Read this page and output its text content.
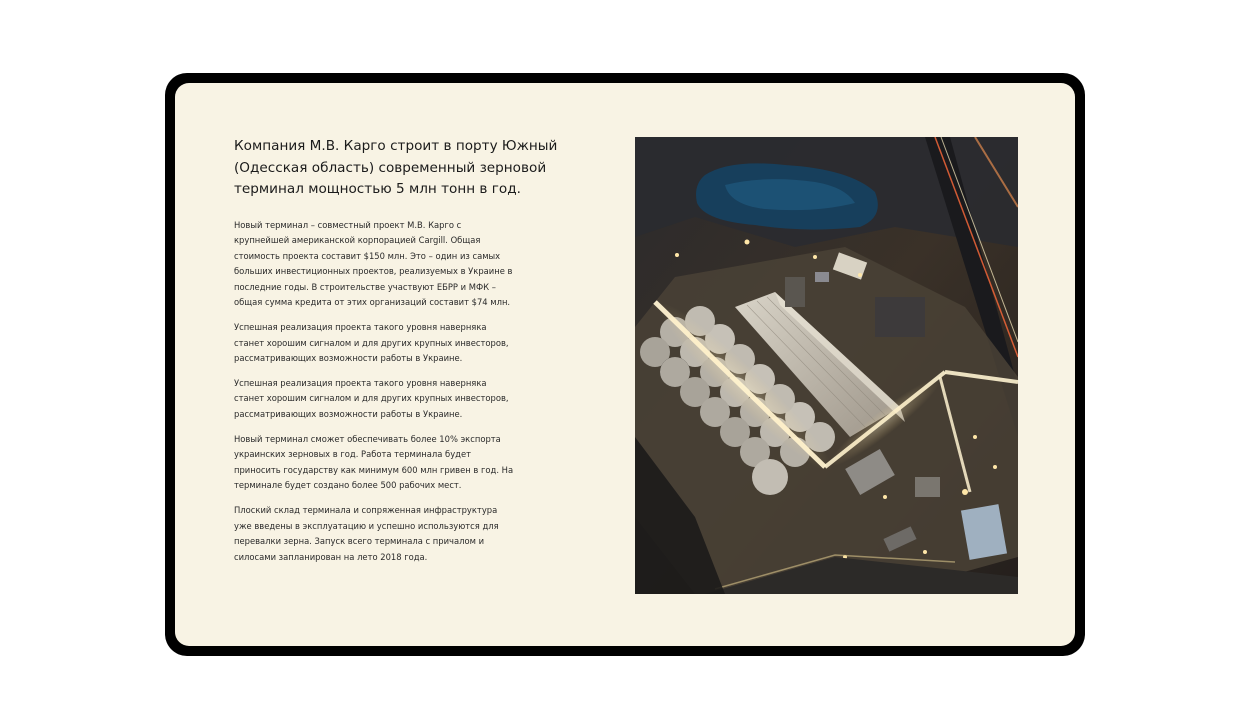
Компания М.В. Карго строит в порту Южный
(Одесская область) современный зерновой
терминал мощностью 5 млн тонн в год.

Новый терминал – совместный проект М.В. Карго с
крупнейшей американской корпорацией Cargill. Общая
стоимость проекта составит $150 млн. Это – один из самых
больших инвестиционных проектов, реализуемых в Украине в
последние годы. В строительстве участвуют ЕБРР и МФК –
общая сумма кредита от этих организаций составит $74 млн.

Успешная реализация проекта такого уровня наверняка
станет хорошим сигналом и для других крупных инвесторов,
рассматривающих возможности работы в Украине.

Успешная реализация проекта такого уровня наверняка
станет хорошим сигналом и для других крупных инвесторов,
рассматривающих возможности работы в Украине.

Новый терминал сможет обеспечивать более 10% экспорта
украинских зерновых в год. Работа терминала будет
приносить государству как минимум 600 млн гривен в год. На
терминале будет создано более 500 рабочих мест.

Плоский склад терминала и сопряженная инфраструктура
уже введены в эксплуатацию и успешно используются для
перевалки зерна. Запуск всего терминала с причалом и
силосами запланирован на лето 2018 года.
